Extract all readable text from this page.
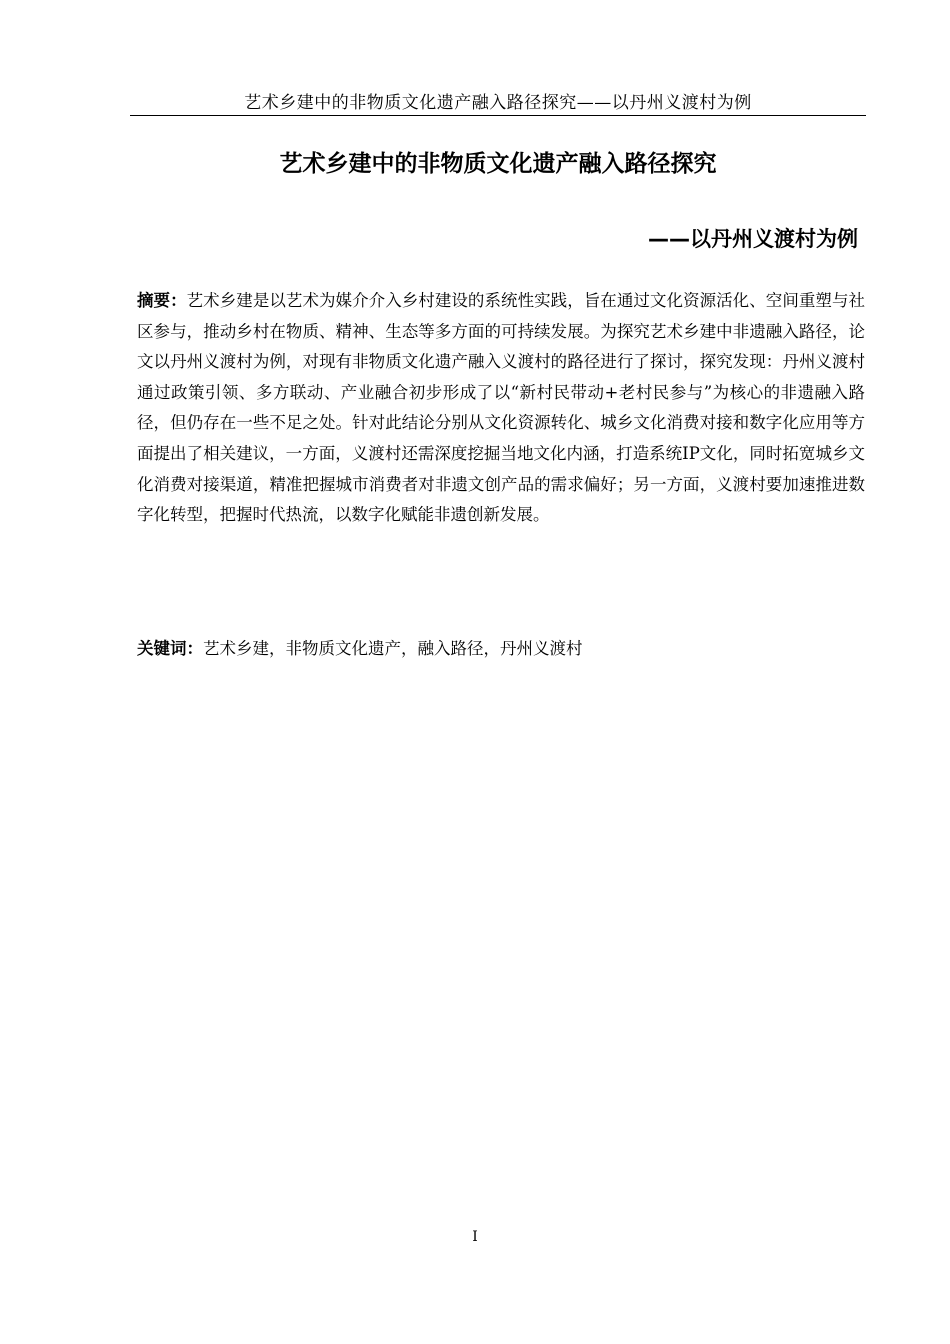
艺术乡建中的非物质文化遗产融入路径探究——以丹州义渡村为例
艺术乡建中的非物质文化遗产融入路径探究
——以丹州义渡村为例
摘要：艺术乡建是以艺术为媒介介入乡村建设的系统性实践，旨在通过文化资源活化、空间重塑与社区参与，推动乡村在物质、精神、生态等多方面的可持续发展。为探究艺术乡建中非遗融入路径，论文以丹州义渡村为例，对现有非物质文化遗产融入义渡村的路径进行了探讨，探究发现：丹州义渡村通过政策引领、多方联动、产业融合初步形成了以“新村民带动+老村民参与”为核心的非遗融入路径，但仍存在一些不足之处。针对此结论分别从文化资源转化、城乡文化消费对接和数字化应用等方面提出了相关建议，一方面，义渡村还需深度挖掘当地文化内涵，打造系统IP文化，同时拓宽城乡文化消费对接渠道，精准把握城市消费者对非遗文创产品的需求偏好；另一方面，义渡村要加速推进数字化转型，把握时代热流，以数字化赋能非遗创新发展。
关键词：艺术乡建，非物质文化遗产，融入路径，丹州义渡村
I
